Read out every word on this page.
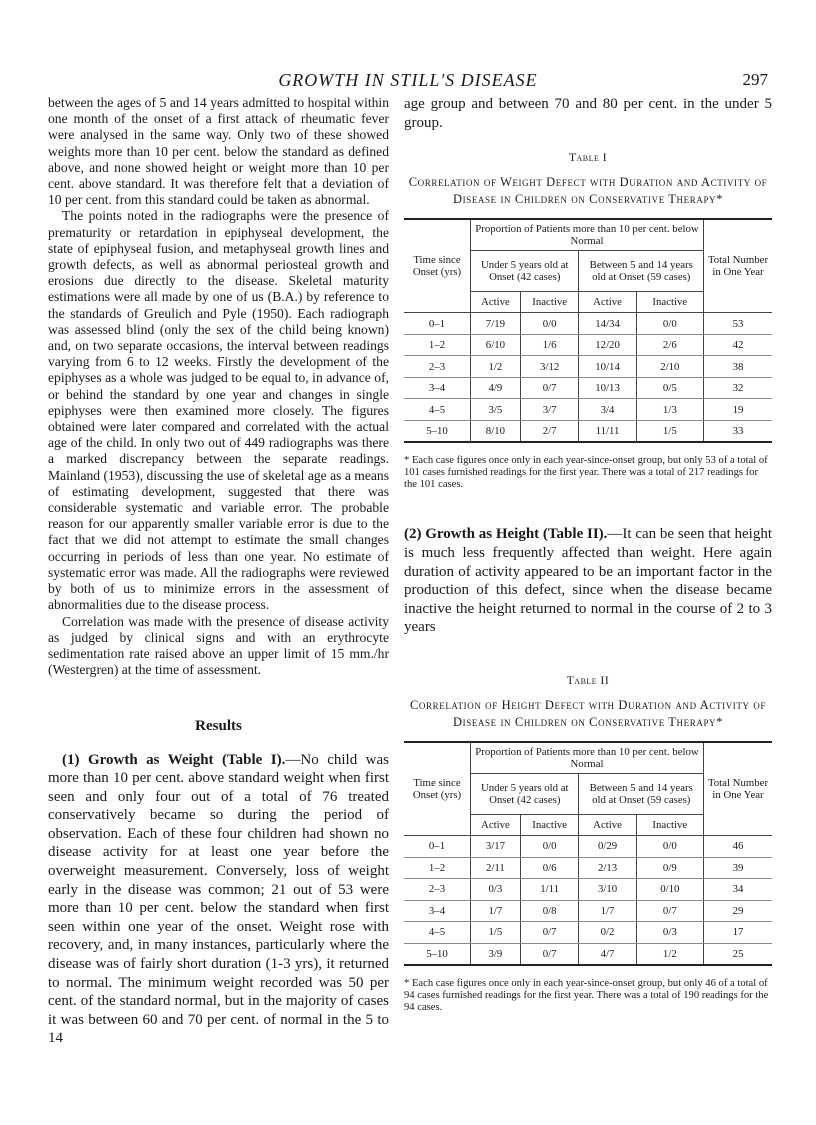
GROWTH IN STILL'S DISEASE	297

between the ages of 5 and 14 years admitted to hospital within one month of the onset of a first attack of rheumatic fever were analysed in the same way. Only two of these showed weights more than 10 per cent. below the standard as defined above, and none showed height or weight more than 10 per cent. above standard. It was therefore felt that a deviation of 10 per cent. from this standard could be taken as abnormal.

The points noted in the radiographs were the presence of prematurity or retardation in epiphyseal development, the state of epiphyseal fusion, and metaphyseal growth lines and growth defects, as well as abnormal periosteal growth and erosions due directly to the disease. Skeletal maturity estimations were all made by one of us (B.A.) by reference to the standards of Greulich and Pyle (1950). Each radiograph was assessed blind (only the sex of the child being known) and, on two separate occasions, the interval between readings varying from 6 to 12 weeks. Firstly the development of the epiphyses as a whole was judged to be equal to, in advance of, or behind the standard by one year and changes in single epiphyses were then examined more closely. The figures obtained were later compared and correlated with the actual age of the child. In only two out of 449 radiographs was there a marked discrepancy between the separate readings. Mainland (1953), discussing the use of skeletal age as a means of estimating development, suggested that there was considerable systematic and variable error. The probable reason for our apparently smaller variable error is due to the fact that we did not attempt to estimate the small changes occurring in periods of less than one year. No estimate of systematic error was made. All the radiographs were reviewed by both of us to minimize errors in the assessment of abnormalities due to the disease process.

Correlation was made with the presence of disease activity as judged by clinical signs and with an erythrocyte sedimentation rate raised above an upper limit of 15 mm./hr (Westergren) at the time of assessment.

Results

(1) Growth as Weight (Table I).—No child was more than 10 per cent. above standard weight when first seen and only four out of a total of 76 treated conservatively became so during the period of observation. Each of these four children had shown no disease activity for at least one year before the overweight measurement. Conversely, loss of weight early in the disease was common; 21 out of 53 were more than 10 per cent. below the standard when first seen within one year of the onset. Weight rose with recovery, and, in many instances, particularly where the disease was of fairly short duration (1-3 yrs), it returned to normal. The minimum weight recorded was 50 per cent. of the standard normal, but in the majority of cases it was between 60 and 70 per cent. of normal in the 5 to 14

age group and between 70 and 80 per cent. in the under 5 group.

Table I
Correlation of Weight Defect with Duration and Activity of Disease in Children on Conservative Therapy*
Time since Onset (yrs)	Proportion of Patients more than 10 per cent. below Normal				Total Number in One Year
	Under 5 years old at Onset (42 cases)		Between 5 and 14 years old at Onset (59 cases)		
	Active	Inactive	Active	Inactive	
0–1	7/19	0/0	14/34	0/0	53
1–2	6/10	1/6	12/20	2/6	42
2–3	1/2	3/12	10/14	2/10	38
3–4	4/9	0/7	10/13	0/5	32
4–5	3/5	3/7	3/4	1/3	19
5–10	8/10	2/7	11/11	1/5	33
* Each case figures once only in each year-since-onset group, but only 53 of a total of 101 cases furnished readings for the first year. There was a total of 217 readings for the 101 cases.

(2) Growth as Height (Table II).—It can be seen that height is much less frequently affected than weight. Here again duration of activity appeared to be an important factor in the production of this defect, since when the disease became inactive the height returned to normal in the course of 2 to 3 years

Table II
Correlation of Height Defect with Duration and Activity of Disease in Children on Conservative Therapy*
Time since Onset (yrs)	Proportion of Patients more than 10 per cent. below Normal				Total Number in One Year
	Under 5 years old at Onset (42 cases)		Between 5 and 14 years old at Onset (59 cases)		
	Active	Inactive	Active	Inactive	
0–1	3/17	0/0	0/29	0/0	46
1–2	2/11	0/6	2/13	0/9	39
2–3	0/3	1/11	3/10	0/10	34
3–4	1/7	0/8	1/7	0/7	29
4–5	1/5	0/7	0/2	0/3	17
5–10	3/9	0/7	4/7	1/2	25
* Each case figures once only in each year-since-onset group, but only 46 of a total of 94 cases furnished readings for the first year. There was a total of 190 readings for the 94 cases.
